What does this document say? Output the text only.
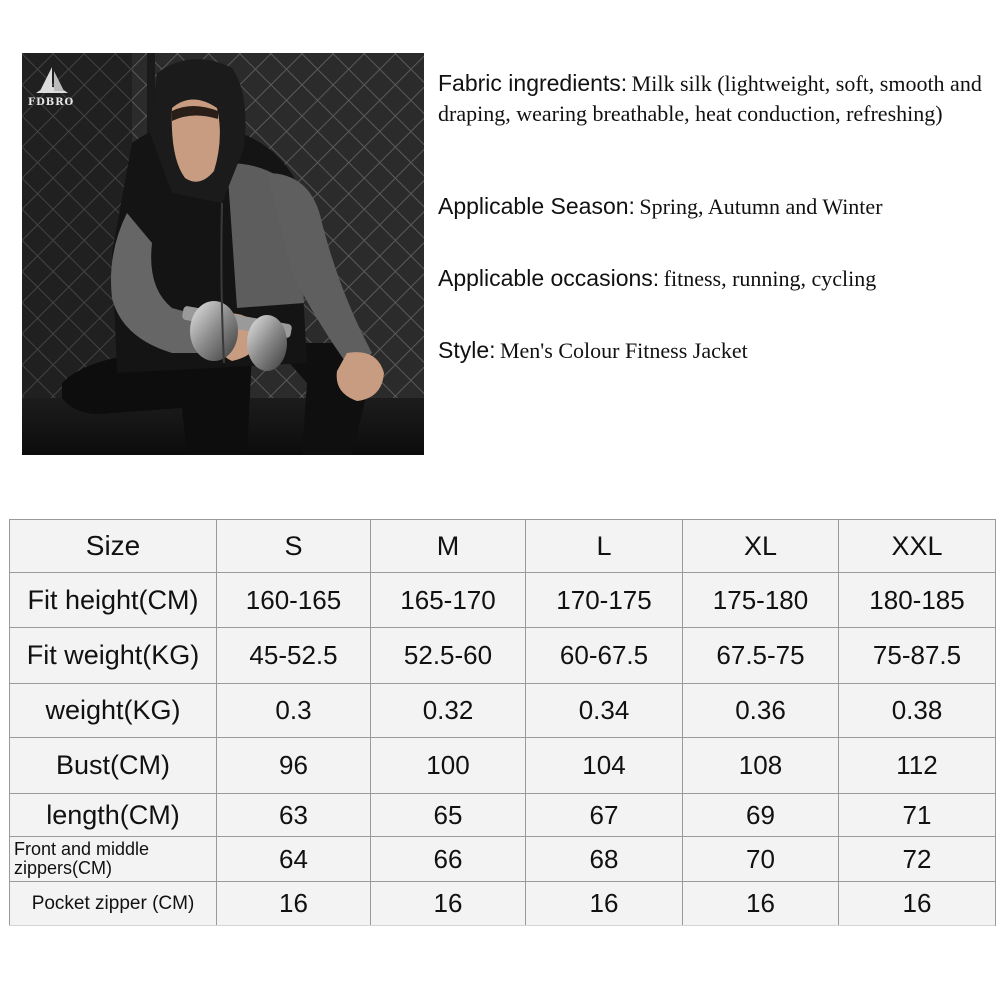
FDBRO

Fabric ingredients: Milk silk (lightweight, soft, smooth and draping, wearing breathable, heat conduction, refreshing)

Applicable Season: Spring, Autumn and Winter

Applicable occasions: fitness, running, cycling

Style: Men's Colour Fitness Jacket

Size	S	M	L	XL	XXL
Fit height(CM)	160-165	165-170	170-175	175-180	180-185
Fit weight(KG)	45-52.5	52.5-60	60-67.5	67.5-75	75-87.5
weight(KG)	0.3	0.32	0.34	0.36	0.38
Bust(CM)	96	100	104	108	112
length(CM)	63	65	67	69	71
Front and middle zippers(CM)	64	66	68	70	72
Pocket zipper (CM)	16	16	16	16	16
